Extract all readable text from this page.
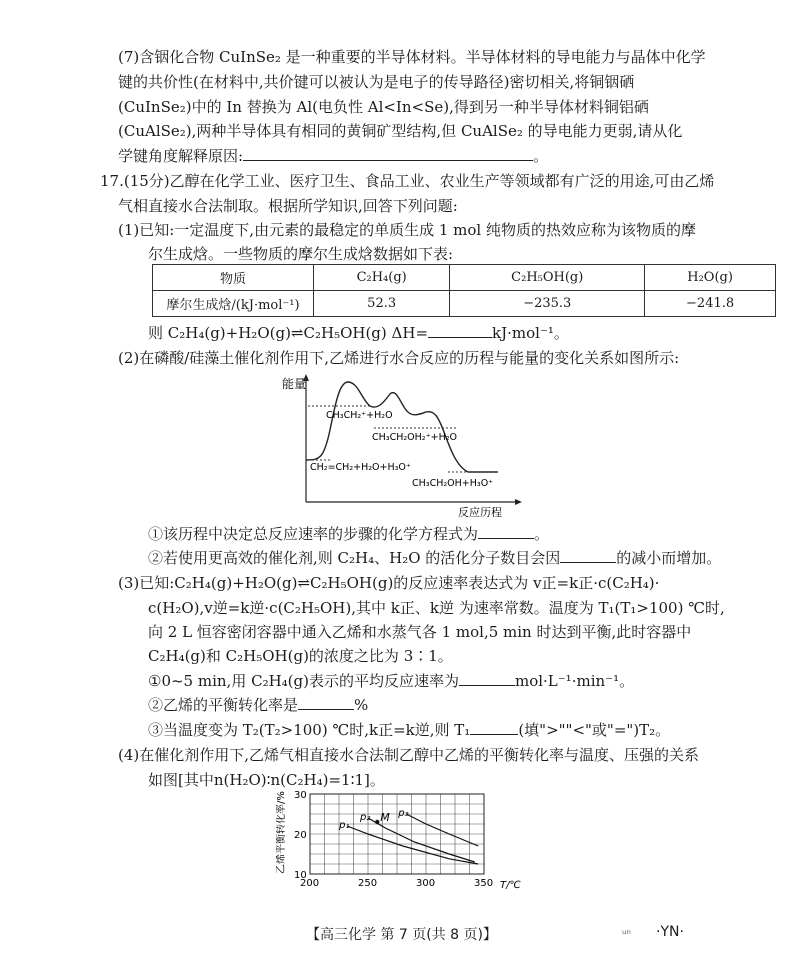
(7)含铟化合物 CuInSe₂ 是一种重要的半导体材料。半导体材料的导电能力与晶体中化学
键的共价性(在材料中,共价键可以被认为是电子的传导路径)密切相关,将铜铟硒
(CuInSe₂)中的 In 替换为 Al(电负性 Al<In<Se),得到另一种半导体材料铜铝硒
(CuAlSe₂),两种半导体具有相同的黄铜矿型结构,但 CuAlSe₂ 的导电能力更弱,请从化
学键角度解释原因:	。
17.(15分)乙醇在化学工业、医疗卫生、食品工业、农业生产等领域都有广泛的用途,可由乙烯
气相直接水合法制取。根据所学知识,回答下列问题:
(1)已知:一定温度下,由元素的最稳定的单质生成 1 mol 纯物质的热效应称为该物质的摩
尔生成焓。一些物质的摩尔生成焓数据如下表:
物质	C₂H₄(g)	C₂H₅OH(g)	H₂O(g)
摩尔生成焓/(kJ·mol⁻¹)	52.3	−235.3	−241.8
则 C₂H₄(g)+H₂O(g)⇌C₂H₅OH(g) ΔH=	kJ·mol⁻¹。
(2)在磷酸/硅藻土催化剂作用下,乙烯进行水合反应的历程与能量的变化关系如图所示:
能量
反应历程
CH₃CH₂⁺+H₂O
CH₃CH₂OH₂⁺+H₂O
CH₂=CH₂+H₂O+H₃O⁺
CH₃CH₂OH+H₃O⁺
①该历程中决定总反应速率的步骤的化学方程式为	。
②若使用更高效的催化剂,则 C₂H₄、H₂O 的活化分子数目会因	的减小而增加。
(3)已知:C₂H₄(g)+H₂O(g)⇌C₂H₅OH(g)的反应速率表达式为 v正=k正·c(C₂H₄)·
c(H₂O),v逆=k逆·c(C₂H₅OH),其中 k正、k逆 为速率常数。温度为 T₁(T₁>100) ℃时,
向 2 L 恒容密闭容器中通入乙烯和水蒸气各 1 mol,5 min 时达到平衡,此时容器中
C₂H₄(g)和 C₂H₅OH(g)的浓度之比为 3∶1。
①0~5 min,用 C₂H₄(g)表示的平均反应速率为	mol·L⁻¹·min⁻¹。
②乙烯的平衡转化率是	%
③当温度变为 T₂(T₂>100) ℃时,k正=k逆,则 T₁	(填">""<"或"=")T₂。
(4)在催化剂作用下,乙烯气相直接水合法制乙醇中乙烯的平衡转化率与温度、压强的关系
如图[其中n(H₂O)∶n(C₂H₄)=1∶1]。
200	250	300	350
10
20
30
p₁
p₂	p₃
M
乙烯平衡转化率/%
T/℃
【高三化学 第 7 页(共 8 页)】	ᵤₙ ·YN·
